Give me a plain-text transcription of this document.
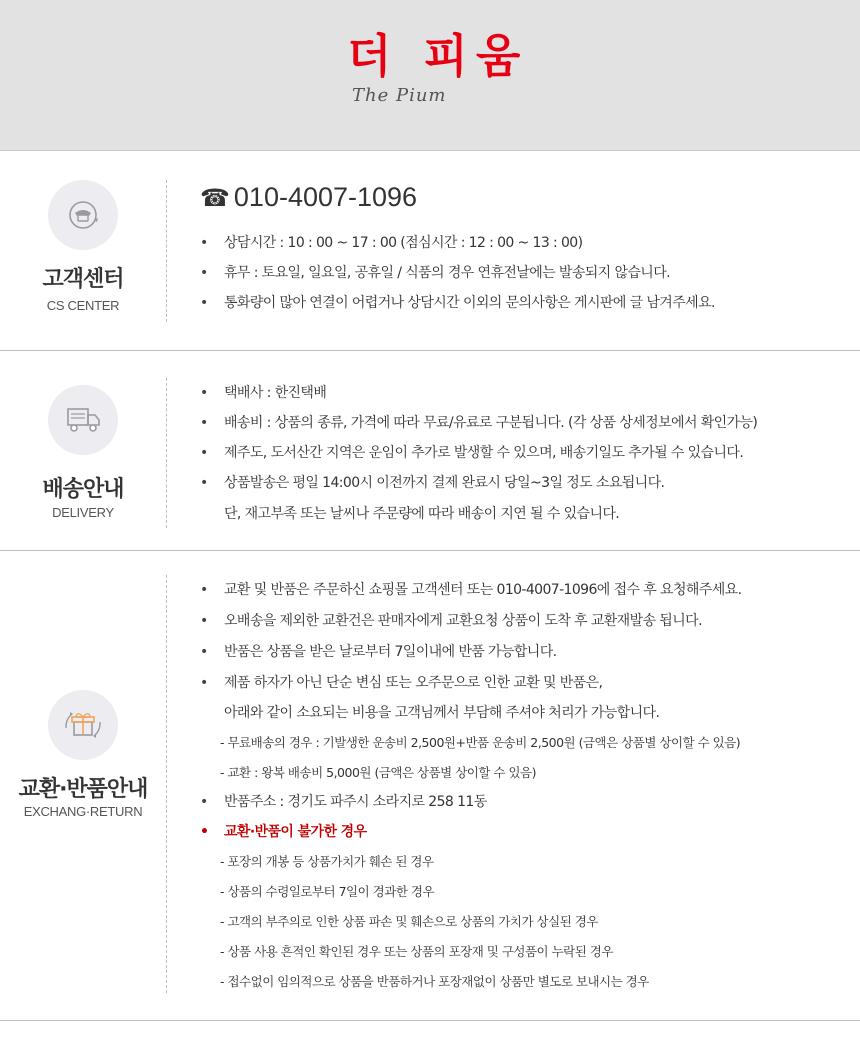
더 피움
The Pium
고객센터
CS CENTER
☎ 010-4007-1096
• 상담시간 : 10 : 00 ~ 17 : 00 (점심시간 : 12 : 00 ~ 13 : 00)
• 휴무 : 토요일, 일요일, 공휴일 / 식품의 경우 연휴전날에는 발송되지 않습니다.
• 통화량이 많아 연결이 어렵거나 상담시간 이외의 문의사항은 게시판에 글 남겨주세요.
배송안내
DELIVERY
• 택배사 : 한진택배
• 배송비 : 상품의 종류, 가격에 따라 무료/유료로 구분됩니다. (각 상품 상세정보에서 확인가능)
• 제주도, 도서산간 지역은 운임이 추가로 발생할 수 있으며, 배송기일도 추가될 수 있습니다.
• 상품발송은 평일 14:00시 이전까지 결제 완료시 당일~3일 정도 소요됩니다.
단, 재고부족 또는 날씨나 주문량에 따라 배송이 지연 될 수 있습니다.
교환·반품안내
EXCHANG·RETURN
• 교환 및 반품은 주문하신 쇼핑몰 고객센터 또는 010-4007-1096에 접수 후 요청해주세요.
• 오배송을 제외한 교환건은 판매자에게 교환요청 상품이 도착 후 교환재발송 됩니다.
• 반품은 상품을 받은 날로부터 7일이내에 반품 가능합니다.
• 제품 하자가 아닌 단순 변심 또는 오주문으로 인한 교환 및 반품은,
아래와 같이 소요되는 비용을 고객님께서 부담해 주셔야 처리가 가능합니다.
- 무료배송의 경우 : 기발생한 운송비 2,500원+반품 운송비 2,500원 (금액은 상품별 상이할 수 있음)
- 교환 : 왕복 배송비 5,000원 (금액은 상품별 상이할 수 있음)
• 반품주소 : 경기도 파주시 소라지로 258 11동
• 교환·반품이 불가한 경우
- 포장의 개봉 등 상품가치가 훼손 된 경우
- 상품의 수령일로부터 7일이 경과한 경우
- 고객의 부주의로 인한 상품 파손 및 훼손으로 상품의 가치가 상실된 경우
- 상품 사용 흔적인 확인된 경우 또는 상품의 포장재 및 구성품이 누락된 경우
- 접수없이 임의적으로 상품을 반품하거나 포장재없이 상품만 별도로 보내시는 경우
